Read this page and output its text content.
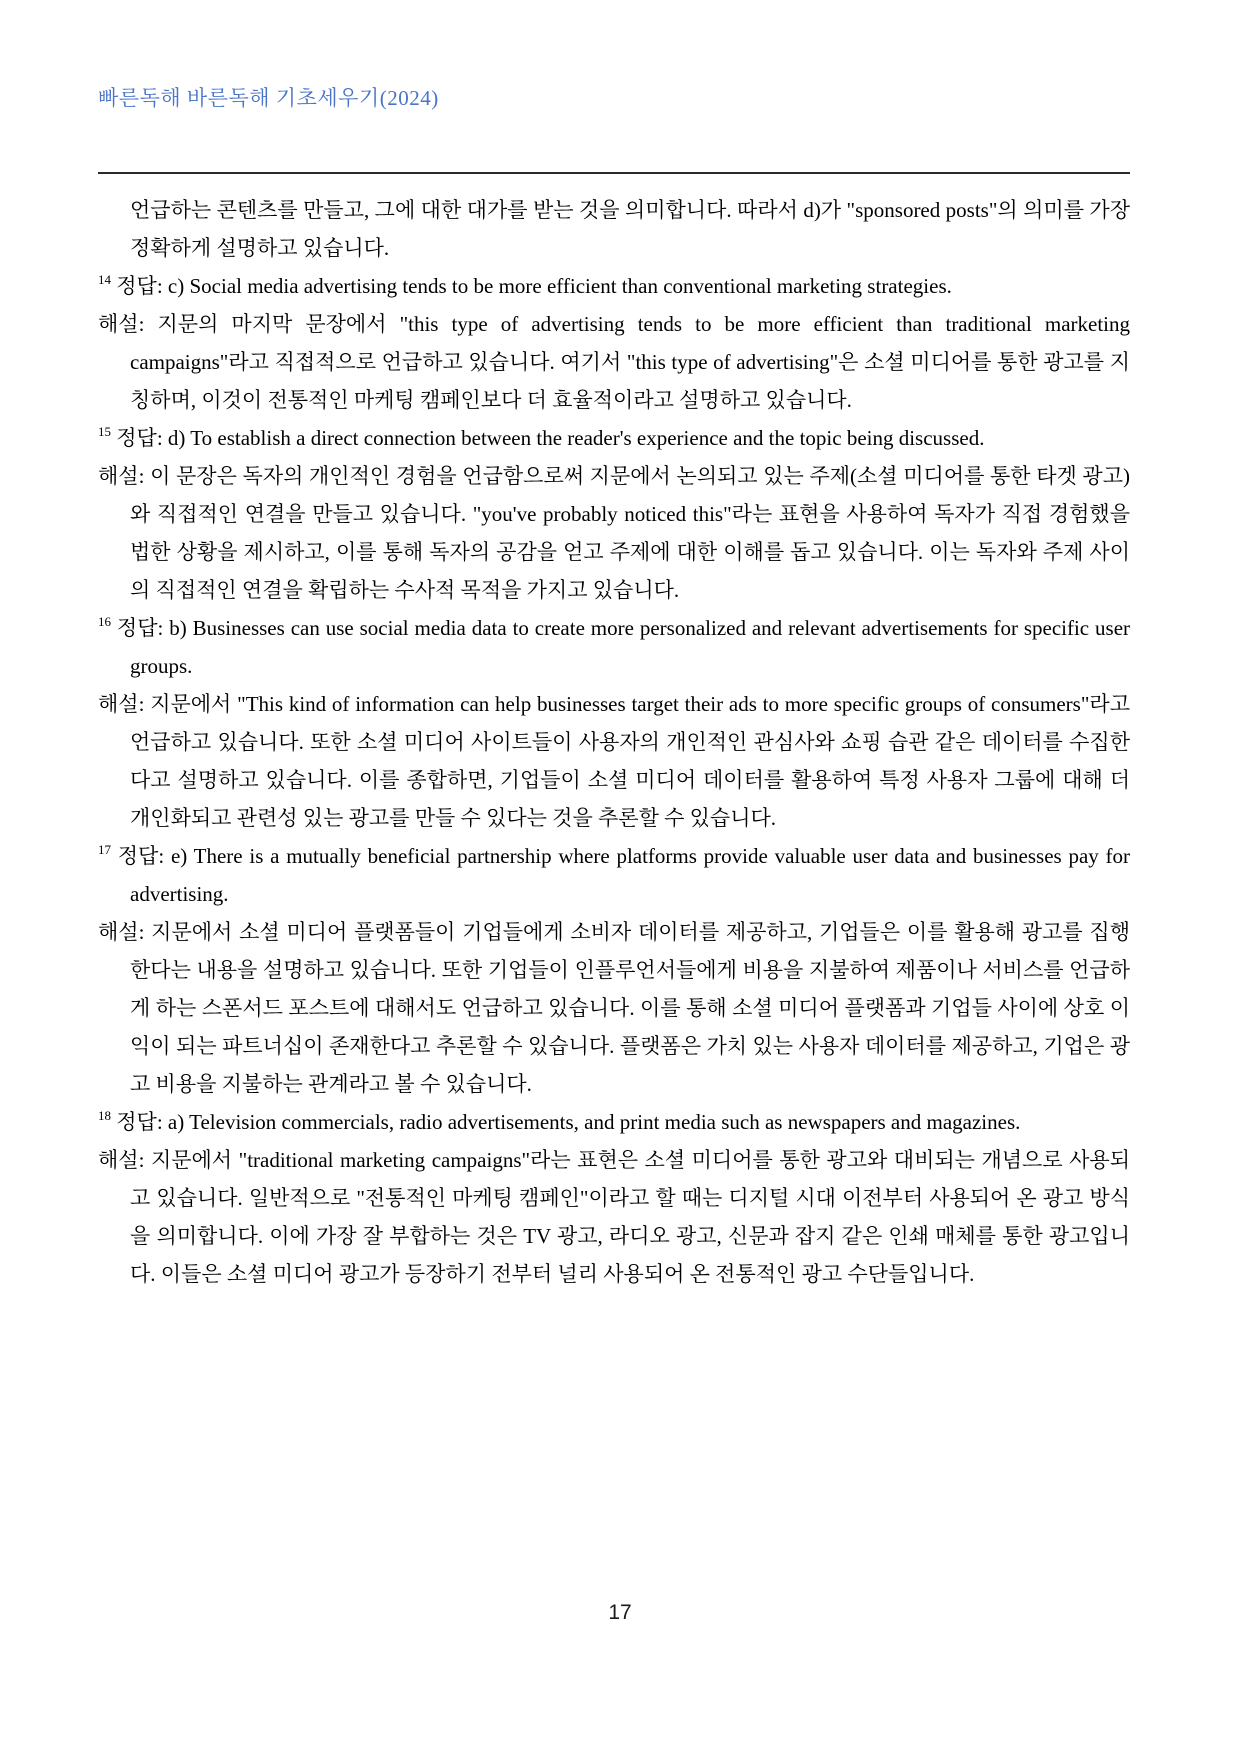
빠른독해 바른독해 기초세우기(2024)

언급하는 콘텐츠를 만들고, 그에 대한 대가를 받는 것을 의미합니다. 따라서 d)가 "sponsored posts"의 의미를 가장 정확하게 설명하고 있습니다.

$^{14}$ 정답: c) Social media advertising tends to be more efficient than conventional marketing strategies.

해설: 지문의 마지막 문장에서 "this type of advertising tends to be more efficient than traditional marketing campaigns"라고 직접적으로 언급하고 있습니다. 여기서 "this type of advertising"은 소셜 미디어를 통한 광고를 지칭하며, 이것이 전통적인 마케팅 캠페인보다 더 효율적이라고 설명하고 있습니다.

$^{15}$ 정답: d) To establish a direct connection between the reader's experience and the topic being discussed.

해설: 이 문장은 독자의 개인적인 경험을 언급함으로써 지문에서 논의되고 있는 주제(소셜 미디어를 통한 타겟 광고)와 직접적인 연결을 만들고 있습니다. "you've probably noticed this"라는 표현을 사용하여 독자가 직접 경험했을 법한 상황을 제시하고, 이를 통해 독자의 공감을 얻고 주제에 대한 이해를 돕고 있습니다. 이는 독자와 주제 사이의 직접적인 연결을 확립하는 수사적 목적을 가지고 있습니다.

$^{16}$ 정답: b) Businesses can use social media data to create more personalized and relevant advertisements for specific user groups.

해설: 지문에서 "This kind of information can help businesses target their ads to more specific groups of consumers"라고 언급하고 있습니다. 또한 소셜 미디어 사이트들이 사용자의 개인적인 관심사와 쇼핑 습관 같은 데이터를 수집한다고 설명하고 있습니다. 이를 종합하면, 기업들이 소셜 미디어 데이터를 활용하여 특정 사용자 그룹에 대해 더 개인화되고 관련성 있는 광고를 만들 수 있다는 것을 추론할 수 있습니다.

$^{17}$ 정답: e) There is a mutually beneficial partnership where platforms provide valuable user data and businesses pay for advertising.

해설: 지문에서 소셜 미디어 플랫폼들이 기업들에게 소비자 데이터를 제공하고, 기업들은 이를 활용해 광고를 집행한다는 내용을 설명하고 있습니다. 또한 기업들이 인플루언서들에게 비용을 지불하여 제품이나 서비스를 언급하게 하는 스폰서드 포스트에 대해서도 언급하고 있습니다. 이를 통해 소셜 미디어 플랫폼과 기업들 사이에 상호 이익이 되는 파트너십이 존재한다고 추론할 수 있습니다. 플랫폼은 가치 있는 사용자 데이터를 제공하고, 기업은 광고 비용을 지불하는 관계라고 볼 수 있습니다.

$^{18}$ 정답: a) Television commercials, radio advertisements, and print media such as newspapers and magazines.

해설: 지문에서 "traditional marketing campaigns"라는 표현은 소셜 미디어를 통한 광고와 대비되는 개념으로 사용되고 있습니다. 일반적으로 "전통적인 마케팅 캠페인"이라고 할 때는 디지털 시대 이전부터 사용되어 온 광고 방식을 의미합니다. 이에 가장 잘 부합하는 것은 TV 광고, 라디오 광고, 신문과 잡지 같은 인쇄 매체를 통한 광고입니다. 이들은 소셜 미디어 광고가 등장하기 전부터 널리 사용되어 온 전통적인 광고 수단들입니다.

17
